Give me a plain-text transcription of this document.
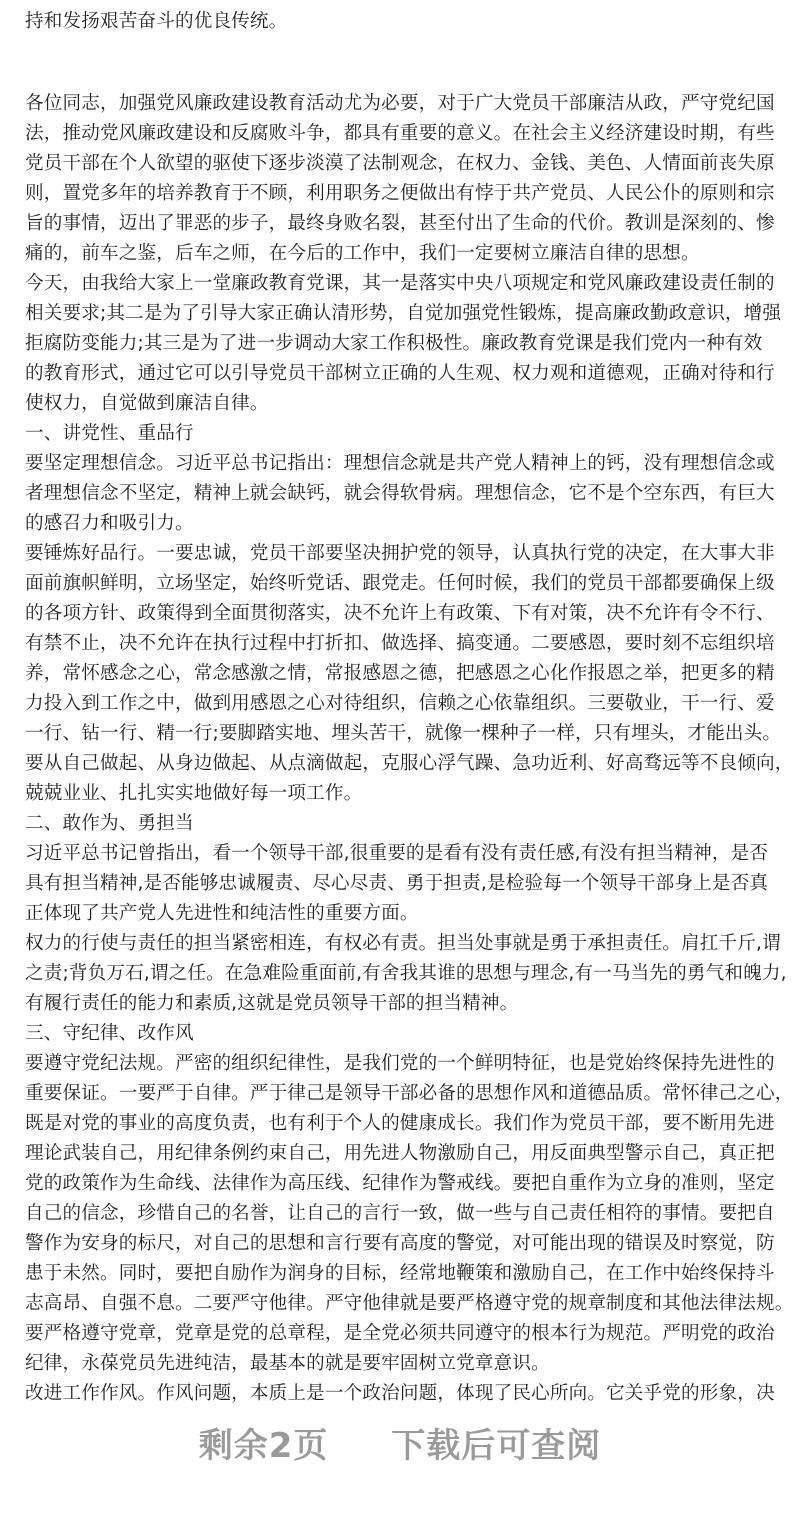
持和发扬艰苦奋斗的优良传统。
各位同志，加强党风廉政建设教育活动尤为必要，对于广大党员干部廉洁从政，严守党纪国
法，推动党风廉政建设和反腐败斗争，都具有重要的意义。在社会主义经济建设时期，有些
党员干部在个人欲望的驱使下逐步淡漠了法制观念，在权力、金钱、美色、人情面前丧失原
则，置党多年的培养教育于不顾，利用职务之便做出有悖于共产党员、人民公仆的原则和宗
旨的事情，迈出了罪恶的步子，最终身败名裂，甚至付出了生命的代价。教训是深刻的、惨
痛的，前车之鉴，后车之师，在今后的工作中，我们一定要树立廉洁自律的思想。
今天，由我给大家上一堂廉政教育党课，其一是落实中央八项规定和党风廉政建设责任制的
相关要求;其二是为了引导大家正确认清形势，自觉加强党性锻炼，提高廉政勤政意识，增强
拒腐防变能力;其三是为了进一步调动大家工作积极性。廉政教育党课是我们党内一种有效
的教育形式，通过它可以引导党员干部树立正确的人生观、权力观和道德观，正确对待和行
使权力，自觉做到廉洁自律。
一、讲党性、重品行
要坚定理想信念。习近平总书记指出：理想信念就是共产党人精神上的钙，没有理想信念或
者理想信念不坚定，精神上就会缺钙，就会得软骨病。理想信念，它不是个空东西，有巨大
的感召力和吸引力。
要锤炼好品行。一要忠诚，党员干部要坚决拥护党的领导，认真执行党的决定，在大事大非
面前旗帜鲜明，立场坚定，始终听党话、跟党走。任何时候，我们的党员干部都要确保上级
的各项方针、政策得到全面贯彻落实，决不允许上有政策、下有对策，决不允许有令不行、
有禁不止，决不允许在执行过程中打折扣、做选择、搞变通。二要感恩，要时刻不忘组织培
养，常怀感念之心，常念感激之情，常报感恩之德，把感恩之心化作报恩之举，把更多的精
力投入到工作之中，做到用感恩之心对待组织，信赖之心依靠组织。三要敬业，干一行、爱
一行、钻一行、精一行;要脚踏实地、埋头苦干，就像一棵种子一样，只有埋头，才能出头。
要从自己做起、从身边做起、从点滴做起，克服心浮气躁、急功近利、好高骛远等不良倾向，
兢兢业业、扎扎实实地做好每一项工作。
二、敢作为、勇担当
习近平总书记曾指出，看一个领导干部,很重要的是看有没有责任感,有没有担当精神，是否
具有担当精神,是否能够忠诚履责、尽心尽责、勇于担责,是检验每一个领导干部身上是否真
正体现了共产党人先进性和纯洁性的重要方面。
权力的行使与责任的担当紧密相连，有权必有责。担当处事就是勇于承担责任。肩扛千斤,谓
之责;背负万石,谓之任。在急难险重面前,有舍我其谁的思想与理念,有一马当先的勇气和魄力,
有履行责任的能力和素质,这就是党员领导干部的担当精神。
三、守纪律、改作风
要遵守党纪法规。严密的组织纪律性，是我们党的一个鲜明特征，也是党始终保持先进性的
重要保证。一要严于自律。严于律己是领导干部必备的思想作风和道德品质。常怀律己之心，
既是对党的事业的高度负责，也有利于个人的健康成长。我们作为党员干部，要不断用先进
理论武装自己，用纪律条例约束自己，用先进人物激励自己，用反面典型警示自己，真正把
党的政策作为生命线、法律作为高压线、纪律作为警戒线。要把自重作为立身的准则，坚定
自己的信念，珍惜自己的名誉，让自己的言行一致，做一些与自己责任相符的事情。要把自
警作为安身的标尺，对自己的思想和言行要有高度的警觉，对可能出现的错误及时察觉，防
患于未然。同时，要把自励作为润身的目标，经常地鞭策和激励自己，在工作中始终保持斗
志高昂、自强不息。二要严守他律。严守他律就是要严格遵守党的规章制度和其他法律法规。
要严格遵守党章，党章是党的总章程，是全党必须共同遵守的根本行为规范。严明党的政治
纪律，永葆党员先进纯洁，最基本的就是要牢固树立党章意识。
改进工作作风。作风问题，本质上是一个政治问题，体现了民心所向。它关乎党的形象，决
剩余2页 下载后可查阅
